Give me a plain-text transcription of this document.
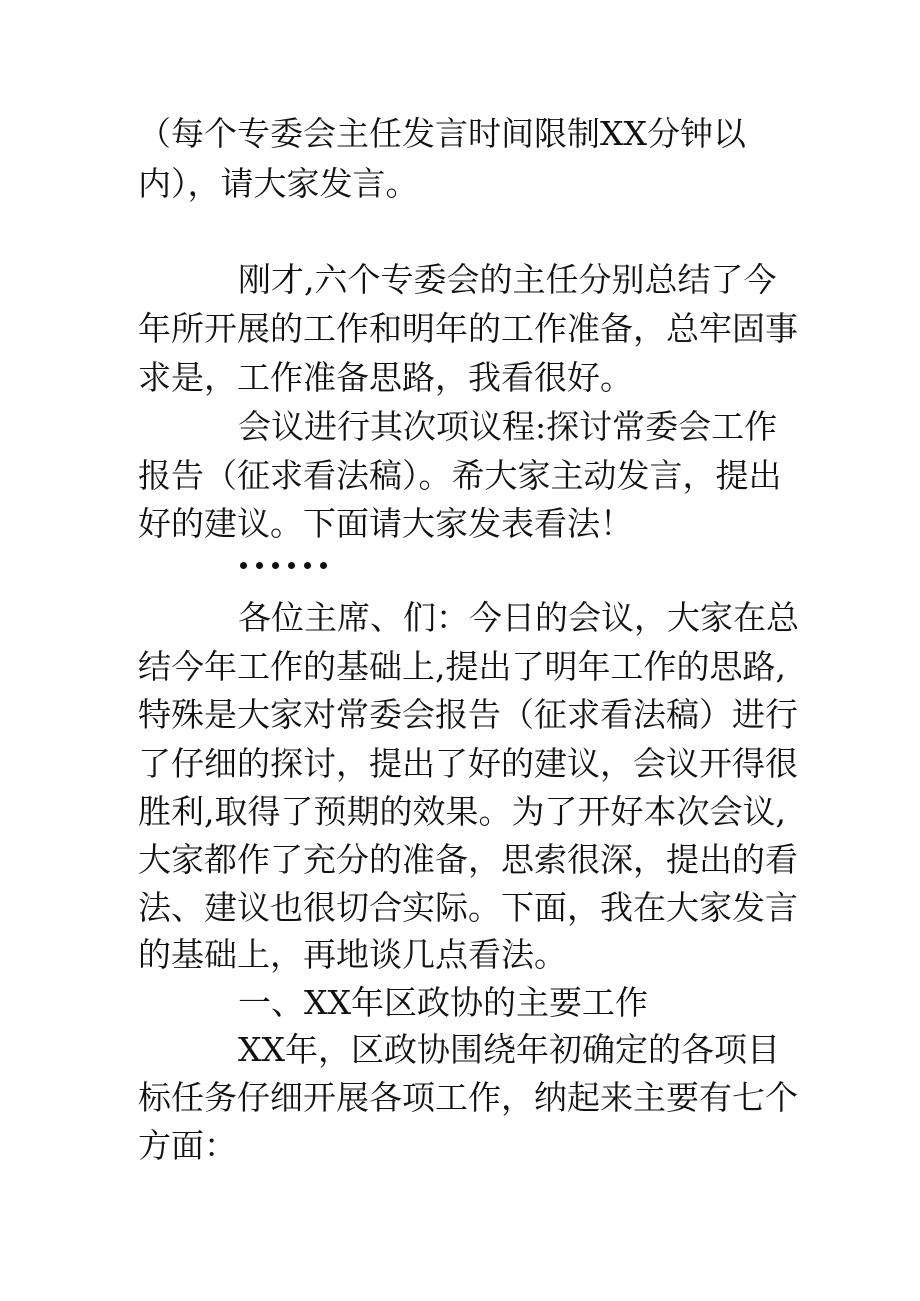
（每个专委会主任发言时间限制XX分钟以

内），请大家发言。

刚才,六个专委会的主任分别总结了今

年所开展的工作和明年的工作准备，总牢固事

求是，工作准备思路，我看很好。

会议进行其次项议程:探讨常委会工作

报告（征求看法稿）。希大家主动发言，提出

好的建议。下面请大家发表看法！

各位主席、们：今日的会议，大家在总

结今年工作的基础上,提出了明年工作的思路,

特殊是大家对常委会报告（征求看法稿）进行

了仔细的探讨，提出了好的建议，会议开得很

胜利,取得了预期的效果。为了开好本次会议,

大家都作了充分的准备，思索很深，提出的看

法、建议也很切合实际。下面，我在大家发言

的基础上，再地谈几点看法。

一、XX年区政协的主要工作

XX年，区政协围绕年初确定的各项目

标任务仔细开展各项工作，纳起来主要有七个

方面：
